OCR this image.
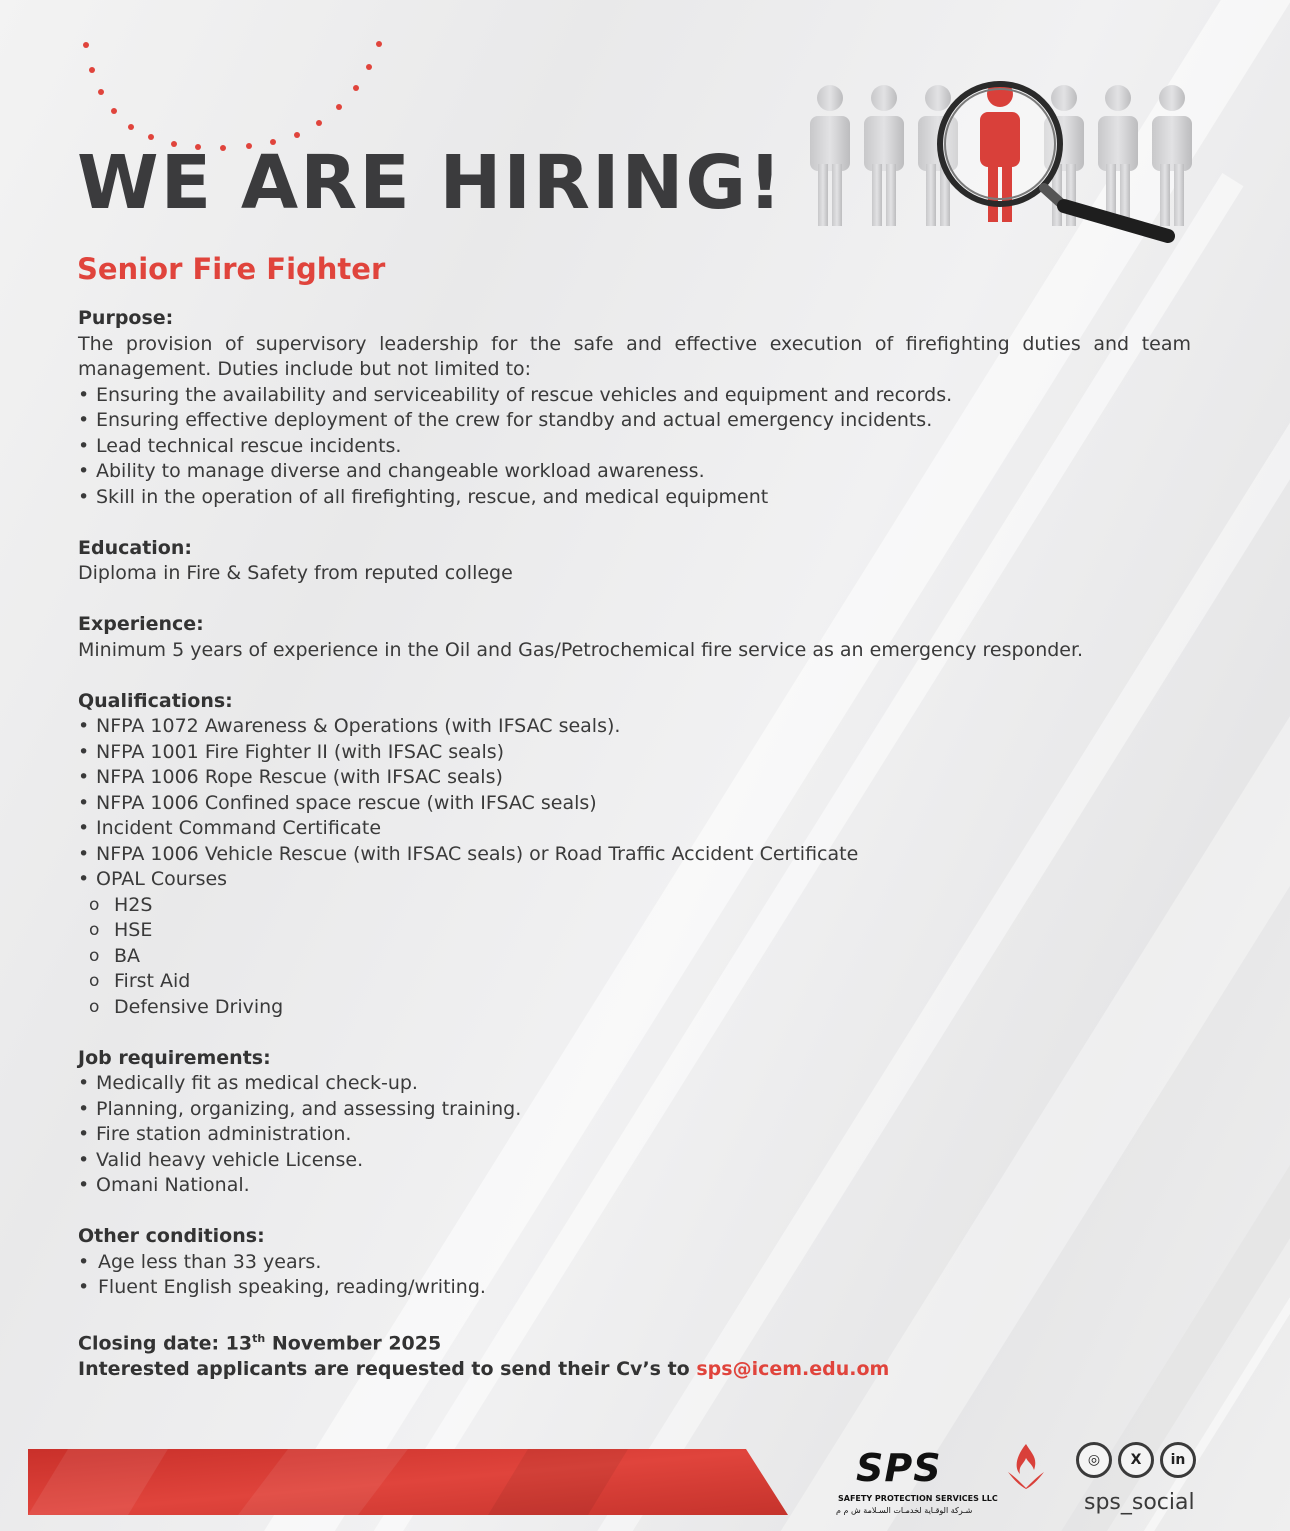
WE ARE HIRING!
Senior Fire Fighter
Purpose:

The provision of supervisory leadership for the safe and effective execution of firefighting duties and team management. Duties include but not limited to:

• Ensuring the availability and serviceability of rescue vehicles and equipment and records.
• Ensuring effective deployment of the crew for standby and actual emergency incidents.
• Lead technical rescue incidents.
• Ability to manage diverse and changeable workload awareness.
• Skill in the operation of all firefighting, rescue, and medical equipment
Education:

Diploma in Fire & Safety from reputed college

Experience:

Minimum 5 years of experience in the Oil and Gas/Petrochemical fire service as an emergency responder.

Qualifications:
• NFPA 1072 Awareness & Operations (with IFSAC seals).
• NFPA 1001 Fire Fighter II (with IFSAC seals)
• NFPA 1006 Rope Rescue (with IFSAC seals)
• NFPA 1006 Confined space rescue (with IFSAC seals)
• Incident Command Certificate
• NFPA 1006 Vehicle Rescue (with IFSAC seals) or Road Traffic Accident Certificate
• OPAL Courses
o H2S
o HSE
o BA
o First Aid
o Defensive Driving
Job requirements:
• Medically fit as medical check-up.
• Planning, organizing, and assessing training.
• Fire station administration.
• Valid heavy vehicle License.
• Omani National.
Other conditions:
• Age less than 33 years.
• Fluent English speaking, reading/writing.
Closing date: 13th November 2025
Interested applicants are requested to send their Cv’s to sps@icem.edu.om
SPS
SAFETY PROTECTION SERVICES LLC
شـركة الوقـاية لخدمـات السـلامة ش م م
◎	X	in
sps_social
